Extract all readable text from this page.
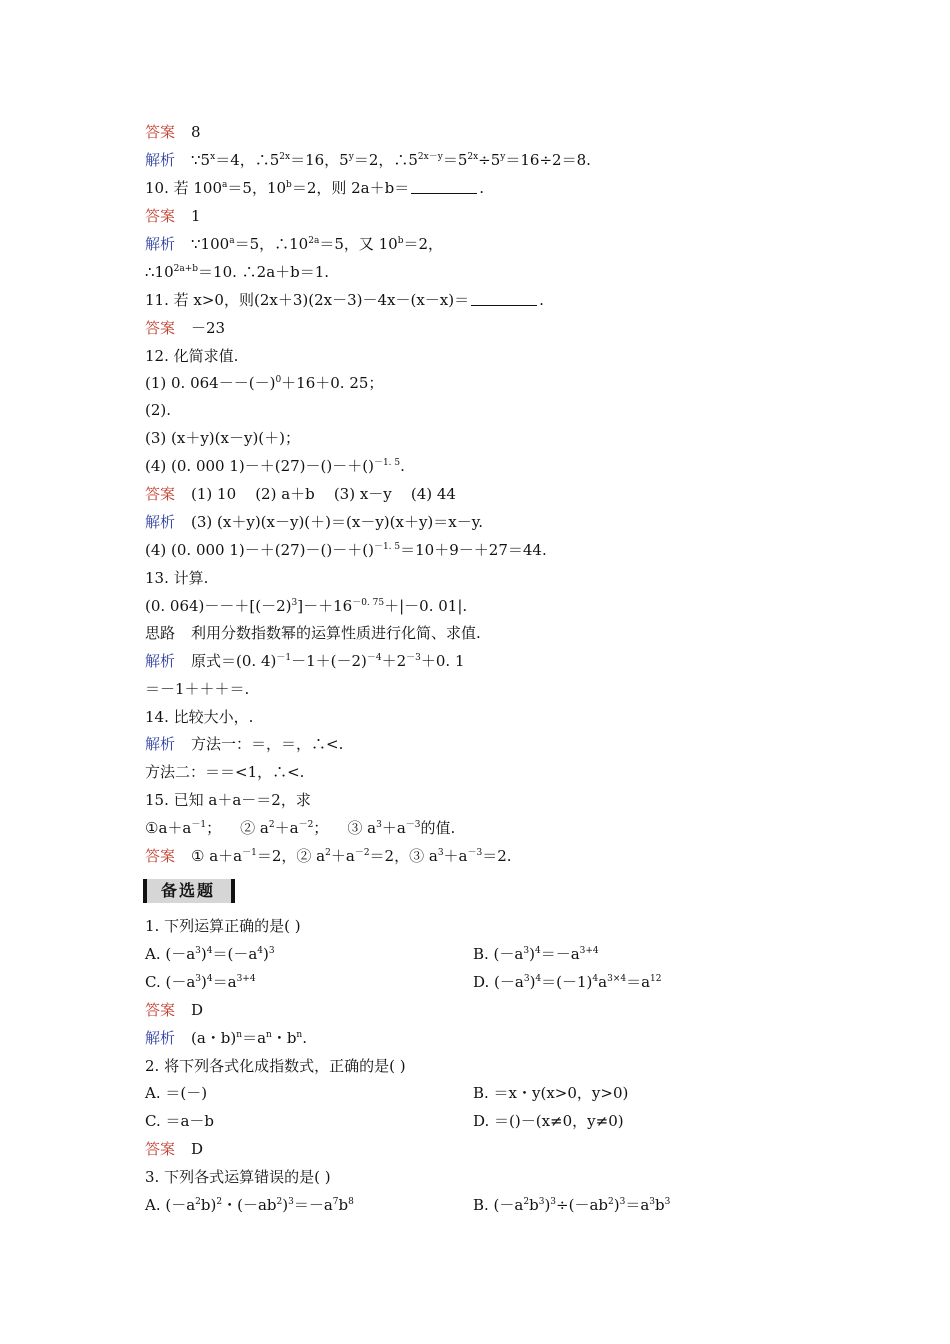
答案 8
解析 $\because 5^x=4$，$\therefore 5^{2x}=16$，$5^y=2$，$\therefore 5^{2x-y}=5^{2x}\div 5^y=16\div 2=8$.
10. 若 $100^a=5$，$10^b=2$，则 2a＋b＝	.
答案 1
解析 $\because 100^a=5$，$\therefore 10^{2a}=5$，又 $10^b=2$，
$\therefore 10^{2a+b}=10$. ∴2a＋b＝1.
11. 若 x>0，则(2x＋3)(2x－3)－4x－(x－x)＝	.
答案 －23
12. 化简求值.
(1) 0. $064--(-)^0+16+0$. 25；
(2).
(3) (x＋y)(x－y)(＋)；
(4) (0. 000 1)－＋(27)－()－＋()$^{-1. 5}$.
答案 (1) 10    (2) a＋b    (3) x－y    (4) 44
解析 (3) (x＋y)(x－y)(＋)＝(x－y)(x＋y)＝x－y.
(4) (0. 000 1)－＋(27)－()－＋()$^{-1. 5}$＝10＋9－＋27＝44.
13. 计算.
(0. $064)--+[(-2)^3]-+16^{-0. 75}+|-0$. 01|.
思路 利用分数指数幂的运算性质进行化简、求值.
解析 原式＝(0. $4)^{-1}-1+(-2)^{-4}+2^{-3}+0$. 1
＝－1＋＋＋＝.
14. 比较大小，.
解析 方法一：＝，＝，∴<.
方法二：＝＝<1，∴<.
15. 已知 a＋a－＝2，求
$①a+a^{-1}$；    ② $a^2+a^{-2}$；    ③ $a^3+a^{-3}$的值.
答案 ① $a+a^{-1}=2$，② $a^2+a^{-2}=2$，③ $a^3+a^{-3}=2$.
备选题
1. 下列运算正确的是( )
A. $(-a^3)^4=(-a^4)^3$	B. $(-a^3)^4=-a^{3+4}$
C. $(-a^3)^4=a^{3+4}$	D. $(-a^3)^4=(-1)^4a^{3\times 4}=a^{12}$
答案 D
解析 (a・$b)^n=a^n$・$b^n$.
2. 将下列各式化成指数式，正确的是( )
A. ＝(－)	B. ＝x・y(x>0，y>0)
C. ＝a－b	D. ＝()－(x≠0，y≠0)
答案 D
3. 下列各式运算错误的是( )
A. $(-a^2b)^2$・$(-ab^2)^3=-a^7b^8$	B. $(-a^2b^3)^3\div(-ab^2)^3=a^3b^3$
